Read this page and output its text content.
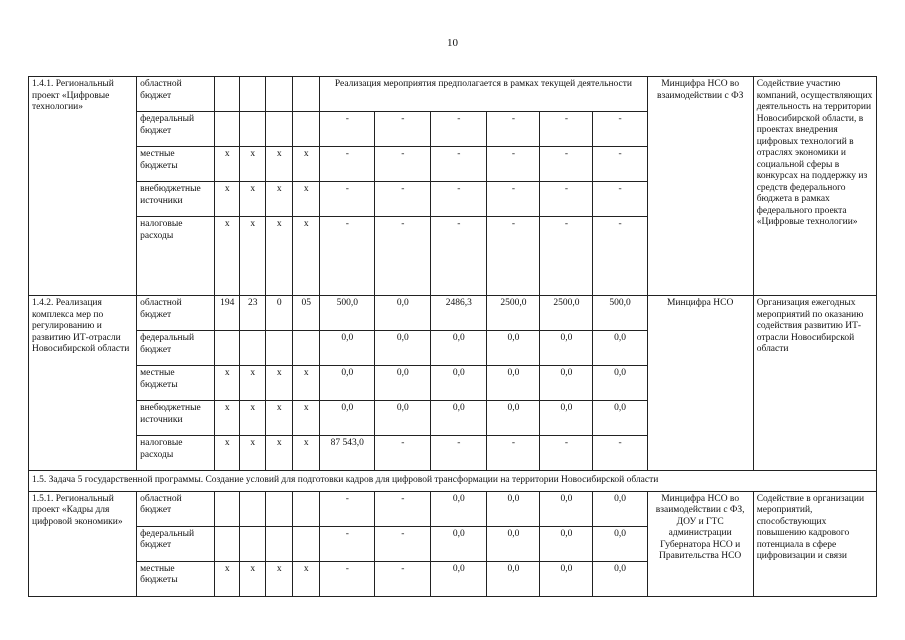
10
1.4.1. Региональный проект «Цифровые технологии»	областной бюджет					Реализация мероприятия предполагается в рамках текущей деятельности						Минцифра НСО во взаимодействии с ФЗ	Содействие участию компаний, осуществляющих деятельность на территории Новосибирской области, в проектах внедрения цифровых технологий в отраслях экономики и социальной сферы в конкурсах на поддержку из средств федерального бюджета в рамках федерального проекта «Цифровые технологии»
	федеральный бюджет					-	-	-	-	-	-		
	местные бюджеты	х	х	х	х	-	-	-	-	-	-		
	внебюджетные источники	х	х	х	х	-	-	-	-	-	-		
	налоговые расходы	х	х	х	х	-	-	-	-	-	-		
1.4.2. Реализация комплекса мер по регулированию и развитию ИТ-отрасли Новосибирской области	областной бюджет	194	23	0	05	500,0	0,0	2486,3	2500,0	2500,0	500,0	Минцифра НСО	Организация ежегодных мероприятий по оказанию содействия развитию ИТ-отрасли Новосибирской области
	федеральный бюджет					0,0	0,0	0,0	0,0	0,0	0,0		
	местные бюджеты	х	х	х	х	0,0	0,0	0,0	0,0	0,0	0,0		
	внебюджетные источники	х	х	х	х	0,0	0,0	0,0	0,0	0,0	0,0		
	налоговые расходы	х	х	х	х	87 543,0	-	-	-	-	-		
1.5. Задача 5 государственной программы. Создание условий для подготовки кадров для цифровой трансформации на территории Новосибирской области													
1.5.1. Региональный проект «Кадры для цифровой экономики»	областной бюджет					-	-	0,0	0,0	0,0	0,0	Минцифра НСО во взаимодействии с ФЗ, ДОУ и ГТС администрации Губернатора НСО и Правительства НСО	Содействие в организации мероприятий, способствующих повышению кадрового потенциала в сфере цифровизации и связи
	федеральный бюджет					-	-	0,0	0,0	0,0	0,0		
	местные бюджеты	х	х	х	х	-	-	0,0	0,0	0,0	0,0		
